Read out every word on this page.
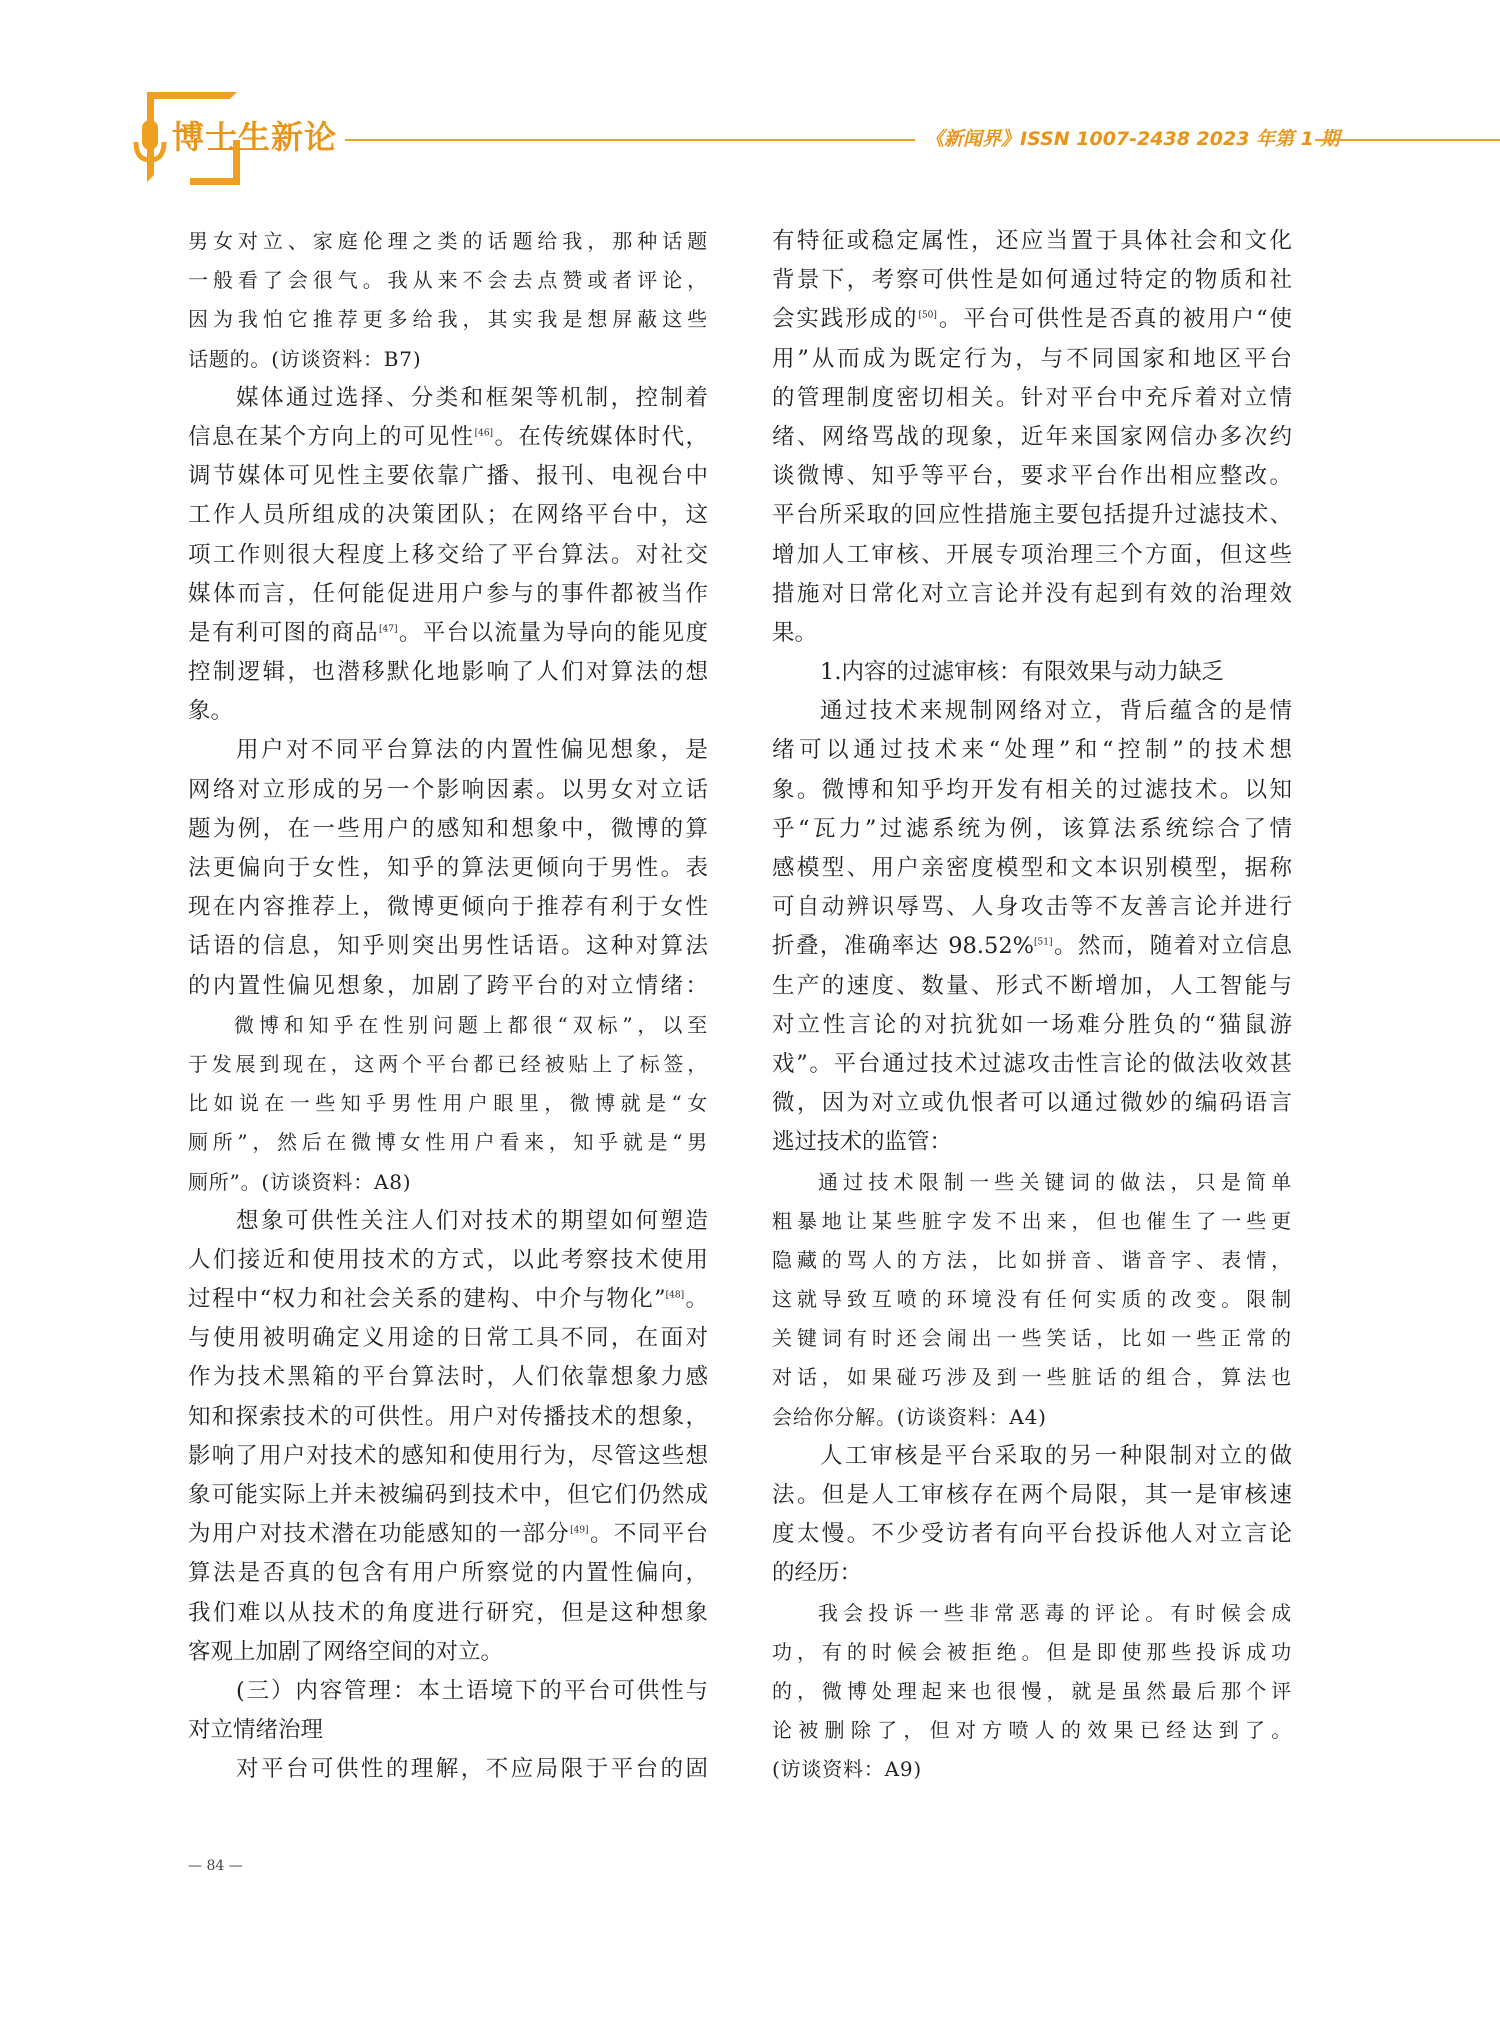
博士生新论	《新闻界》ISSN 1007-2438 2023 年第 1 期
男女对立、家庭伦理之类的话题给我，那种话题
一般看了会很气。我从来不会去点赞或者评论，
因为我怕它推荐更多给我，其实我是想屏蔽这些
话题的。(访谈资料：B7)
媒体通过选择、分类和框架等机制，控制着
信息在某个方向上的可见性[46]。在传统媒体时代，
调节媒体可见性主要依靠广播、报刊、电视台中
工作人员所组成的决策团队；在网络平台中，这
项工作则很大程度上移交给了平台算法。对社交
媒体而言，任何能促进用户参与的事件都被当作
是有利可图的商品[47]。平台以流量为导向的能见度
控制逻辑，也潜移默化地影响了人们对算法的想
象。
用户对不同平台算法的内置性偏见想象，是
网络对立形成的另一个影响因素。以男女对立话
题为例，在一些用户的感知和想象中，微博的算
法更偏向于女性，知乎的算法更倾向于男性。表
现在内容推荐上，微博更倾向于推荐有利于女性
话语的信息，知乎则突出男性话语。这种对算法
的内置性偏见想象，加剧了跨平台的对立情绪：
微博和知乎在性别问题上都很“双标”，以至
于发展到现在，这两个平台都已经被贴上了标签，
比如说在一些知乎男性用户眼里，微博就是“女
厕所”，然后在微博女性用户看来，知乎就是“男
厕所”。(访谈资料：A8)
想象可供性关注人们对技术的期望如何塑造
人们接近和使用技术的方式，以此考察技术使用
过程中“权力和社会关系的建构、中介与物化”[48]。
与使用被明确定义用途的日常工具不同，在面对
作为技术黑箱的平台算法时，人们依靠想象力感
知和探索技术的可供性。用户对传播技术的想象，
影响了用户对技术的感知和使用行为，尽管这些想
象可能实际上并未被编码到技术中，但它们仍然成
为用户对技术潜在功能感知的一部分[49]。不同平台
算法是否真的包含有用户所察觉的内置性偏向，
我们难以从技术的角度进行研究，但是这种想象
客观上加剧了网络空间的对立。
(三）内容管理：本土语境下的平台可供性与
对立情绪治理
对平台可供性的理解，不应局限于平台的固
有特征或稳定属性，还应当置于具体社会和文化
背景下，考察可供性是如何通过特定的物质和社
会实践形成的[50]。平台可供性是否真的被用户“使
用”从而成为既定行为，与不同国家和地区平台
的管理制度密切相关。针对平台中充斥着对立情
绪、网络骂战的现象，近年来国家网信办多次约
谈微博、知乎等平台，要求平台作出相应整改。
平台所采取的回应性措施主要包括提升过滤技术、
增加人工审核、开展专项治理三个方面，但这些
措施对日常化对立言论并没有起到有效的治理效
果。
1.内容的过滤审核：有限效果与动力缺乏
通过技术来规制网络对立，背后蕴含的是情
绪可以通过技术来“处理”和“控制”的技术想
象。微博和知乎均开发有相关的过滤技术。以知
乎“瓦力”过滤系统为例，该算法系统综合了情
感模型、用户亲密度模型和文本识别模型，据称
可自动辨识辱骂、人身攻击等不友善言论并进行
折叠，准确率达 98.52%[51]。然而，随着对立信息
生产的速度、数量、形式不断增加，人工智能与
对立性言论的对抗犹如一场难分胜负的“猫鼠游
戏”。平台通过技术过滤攻击性言论的做法收效甚
微，因为对立或仇恨者可以通过微妙的编码语言
逃过技术的监管：
通过技术限制一些关键词的做法，只是简单
粗暴地让某些脏字发不出来，但也催生了一些更
隐藏的骂人的方法，比如拼音、谐音字、表情，
这就导致互喷的环境没有任何实质的改变。限制
关键词有时还会闹出一些笑话，比如一些正常的
对话，如果碰巧涉及到一些脏话的组合，算法也
会给你分解。(访谈资料：A4)
人工审核是平台采取的另一种限制对立的做
法。但是人工审核存在两个局限，其一是审核速
度太慢。不少受访者有向平台投诉他人对立言论
的经历：
我会投诉一些非常恶毒的评论。有时候会成
功，有的时候会被拒绝。但是即使那些投诉成功
的，微博处理起来也很慢，就是虽然最后那个评
论被删除了，但对方喷人的效果已经达到了。
(访谈资料：A9)
— 84 —
